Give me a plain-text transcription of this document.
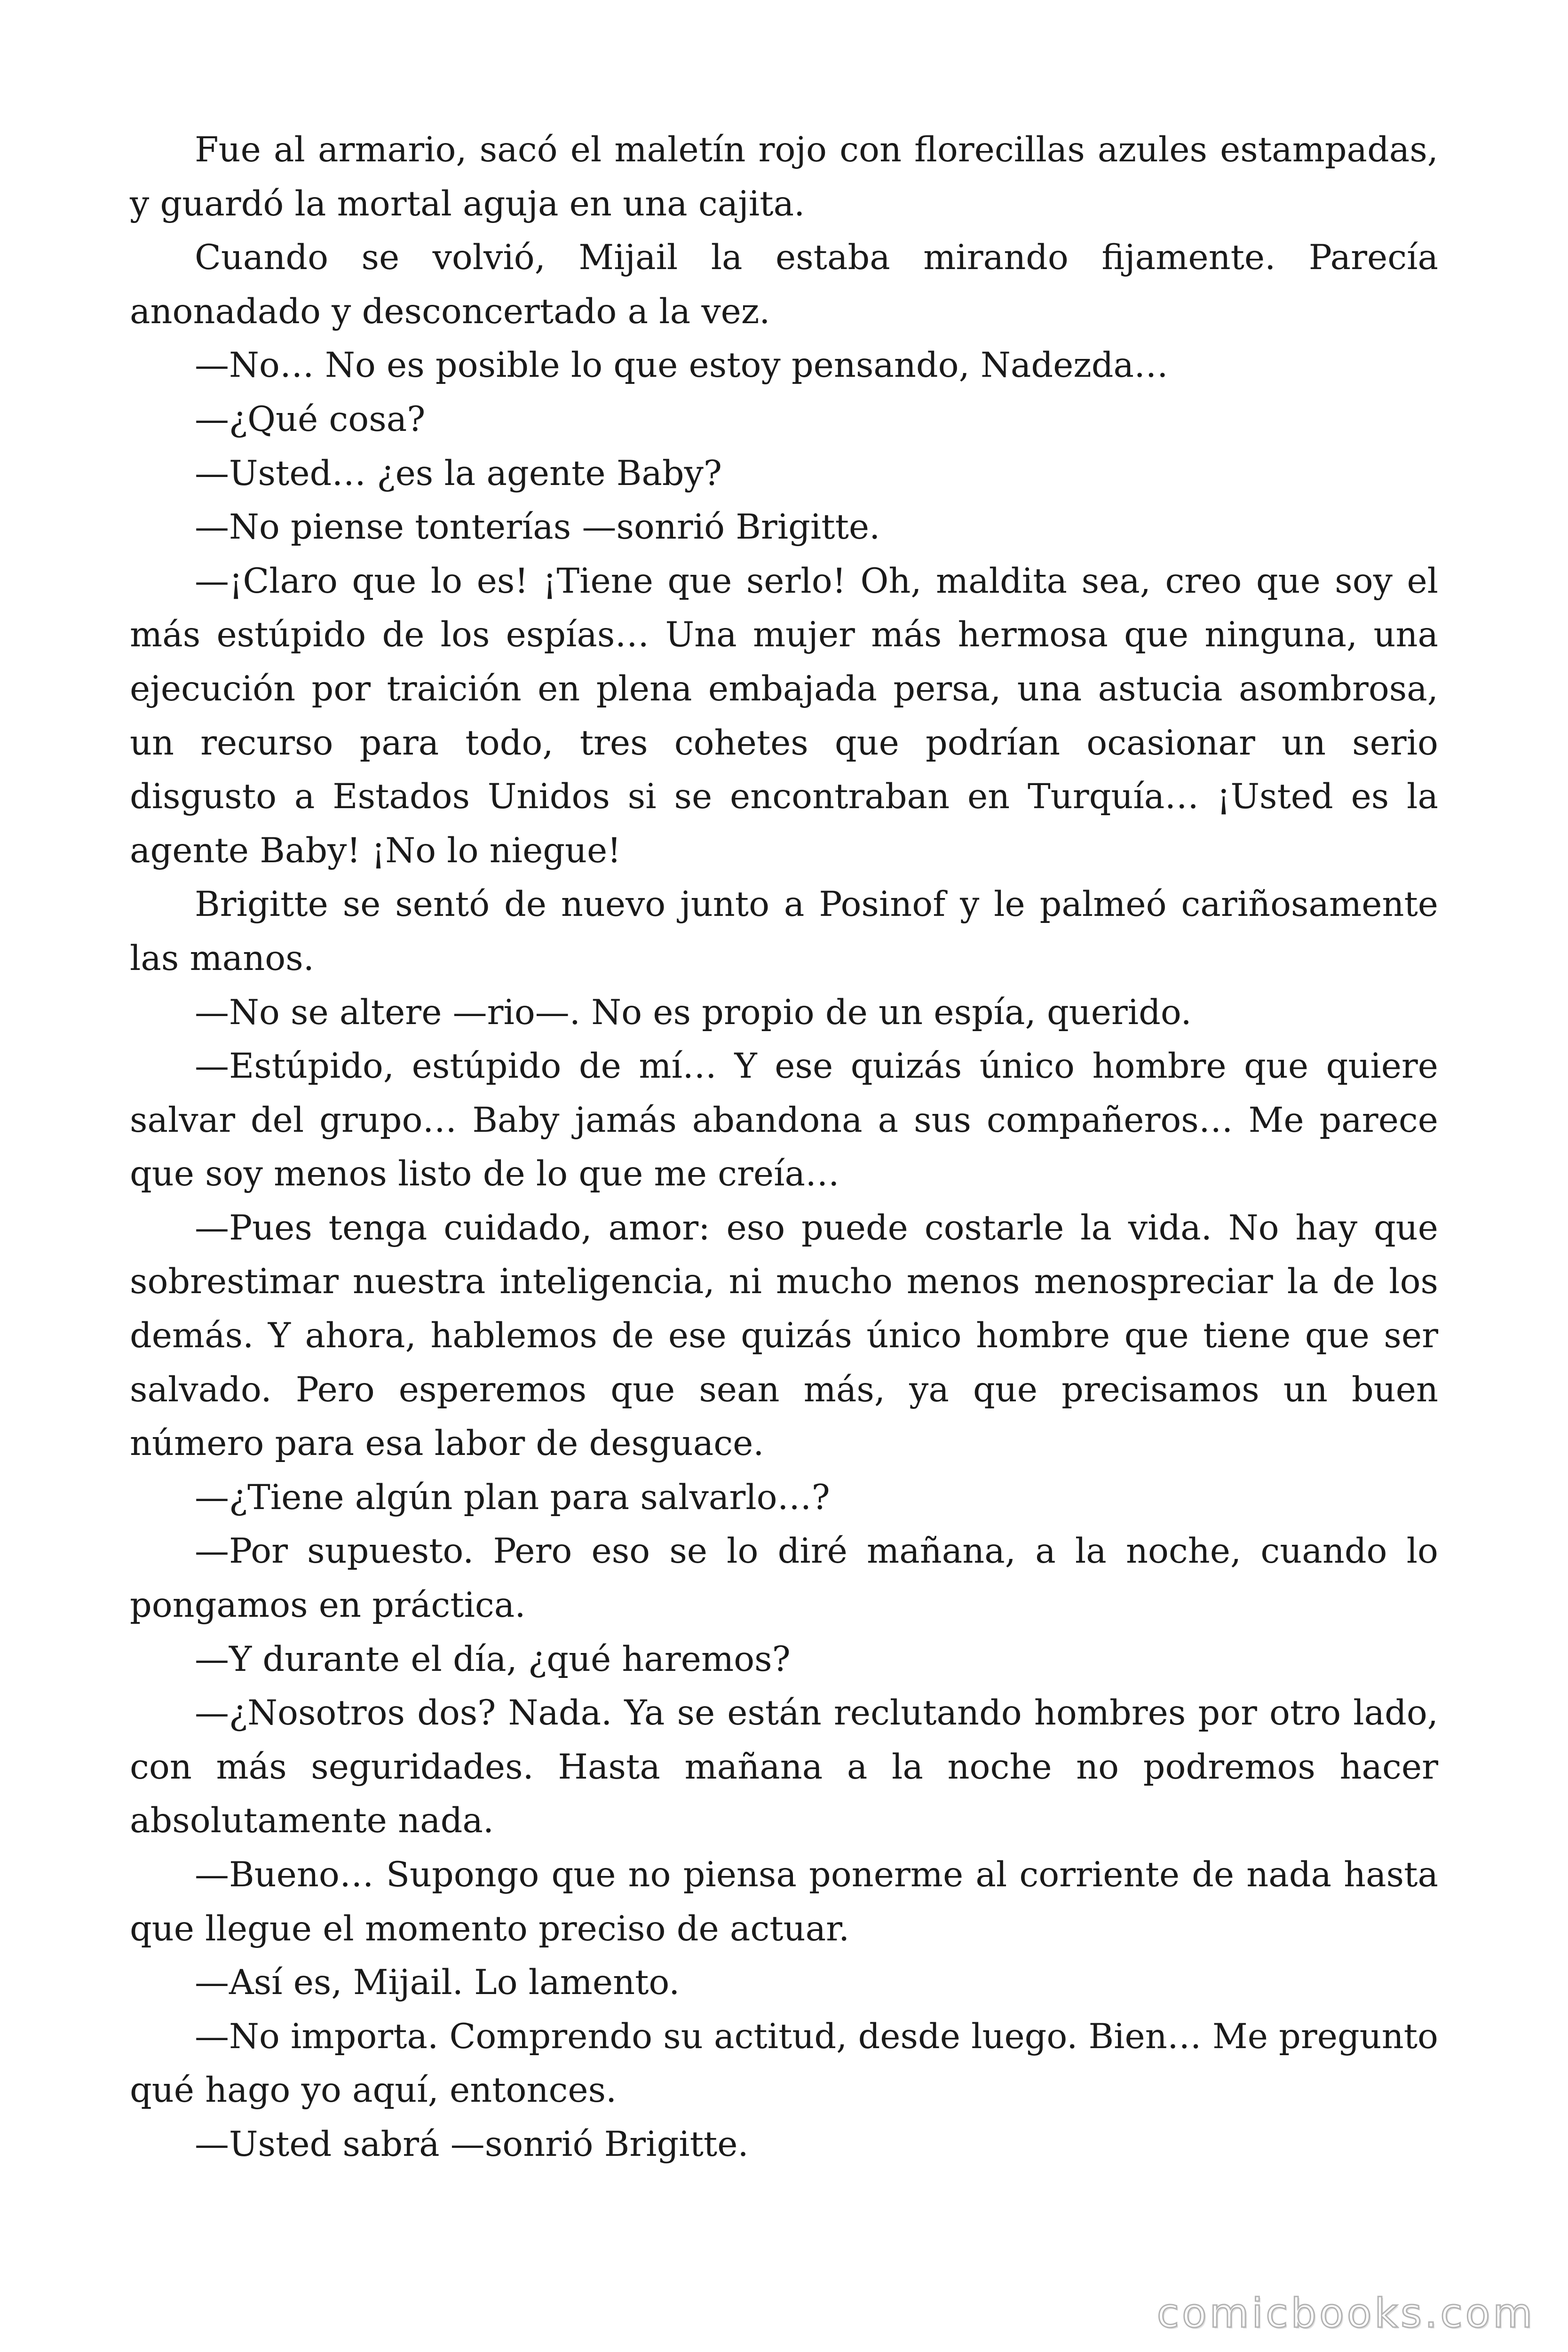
Fue al armario, sacó el maletín rojo con florecillas azules estampadas, y guardó la mortal aguja en una cajita.

Cuando se volvió, Mijail la estaba mirando fijamente. Parecía anonadado y desconcertado a la vez.

—No… No es posible lo que estoy pensando, Nadezda…

—¿Qué cosa?

—Usted… ¿es la agente Baby?

—No piense tonterías —sonrió Brigitte.

—¡Claro que lo es! ¡Tiene que serlo! Oh, maldita sea, creo que soy el más estúpido de los espías… Una mujer más hermosa que ninguna, una ejecución por traición en plena embajada persa, una astucia asombrosa, un recurso para todo, tres cohetes que podrían ocasionar un serio disgusto a Estados Unidos si se encontraban en Turquía… ¡Usted es la agente Baby! ¡No lo niegue!

Brigitte se sentó de nuevo junto a Posinof y le palmeó cariñosamente las manos.

—No se altere —rio—. No es propio de un espía, querido.

—Estúpido, estúpido de mí… Y ese quizás único hombre que quiere salvar del grupo… Baby jamás abandona a sus compañeros… Me parece que soy menos listo de lo que me creía…

—Pues tenga cuidado, amor: eso puede costarle la vida. No hay que sobrestimar nuestra inteligencia, ni mucho menos menospreciar la de los demás. Y ahora, hablemos de ese quizás único hombre que tiene que ser salvado. Pero esperemos que sean más, ya que precisamos un buen número para esa labor de desguace.

—¿Tiene algún plan para salvarlo…?

—Por supuesto. Pero eso se lo diré mañana, a la noche, cuando lo pongamos en práctica.

—Y durante el día, ¿qué haremos?

—¿Nosotros dos? Nada. Ya se están reclutando hombres por otro lado, con más seguridades. Hasta mañana a la noche no podremos hacer absolutamente nada.

—Bueno… Supongo que no piensa ponerme al corriente de nada hasta que llegue el momento preciso de actuar.

—Así es, Mijail. Lo lamento.

—No importa. Comprendo su actitud, desde luego. Bien… Me pregunto qué hago yo aquí, entonces.

—Usted sabrá —sonrió Brigitte.

comicbooks.com
